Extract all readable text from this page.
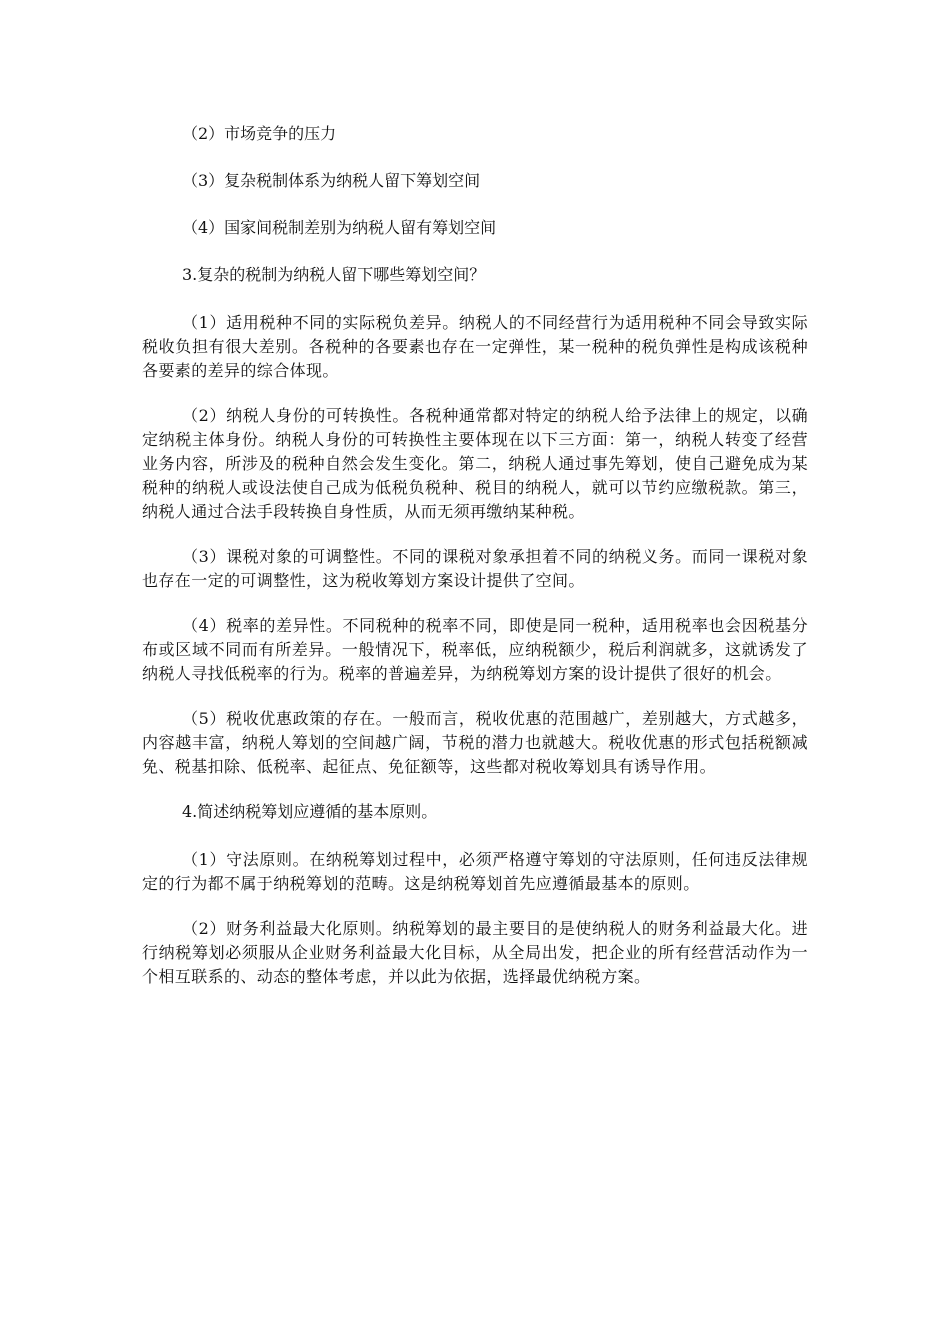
（2）市场竞争的压力

（3）复杂税制体系为纳税人留下筹划空间

（4）国家间税制差别为纳税人留有筹划空间

3.复杂的税制为纳税人留下哪些筹划空间？

（1）适用税种不同的实际税负差异。纳税人的不同经营行为适用税种不同会导致实际税收负担有很大差别。各税种的各要素也存在一定弹性，某一税种的税负弹性是构成该税种各要素的差异的综合体现。

（2）纳税人身份的可转换性。各税种通常都对特定的纳税人给予法律上的规定，以确定纳税主体身份。纳税人身份的可转换性主要体现在以下三方面：第一，纳税人转变了经营业务内容，所涉及的税种自然会发生变化。第二，纳税人通过事先筹划，使自己避免成为某税种的纳税人或设法使自己成为低税负税种、税目的纳税人，就可以节约应缴税款。第三，纳税人通过合法手段转换自身性质，从而无须再缴纳某种税。

（3）课税对象的可调整性。不同的课税对象承担着不同的纳税义务。而同一课税对象也存在一定的可调整性，这为税收筹划方案设计提供了空间。

（4）税率的差异性。不同税种的税率不同，即使是同一税种，适用税率也会因税基分布或区域不同而有所差异。一般情况下，税率低，应纳税额少，税后利润就多，这就诱发了纳税人寻找低税率的行为。税率的普遍差异，为纳税筹划方案的设计提供了很好的机会。

（5）税收优惠政策的存在。一般而言，税收优惠的范围越广，差别越大，方式越多，内容越丰富，纳税人筹划的空间越广阔，节税的潜力也就越大。税收优惠的形式包括税额减免、税基扣除、低税率、起征点、免征额等，这些都对税收筹划具有诱导作用。

4.简述纳税筹划应遵循的基本原则。

（1）守法原则。在纳税筹划过程中，必须严格遵守筹划的守法原则，任何违反法律规定的行为都不属于纳税筹划的范畴。这是纳税筹划首先应遵循最基本的原则。

（2）财务利益最大化原则。纳税筹划的最主要目的是使纳税人的财务利益最大化。进行纳税筹划必须服从企业财务利益最大化目标，从全局出发，把企业的所有经营活动作为一个相互联系的、动态的整体考虑，并以此为依据，选择最优纳税方案。
